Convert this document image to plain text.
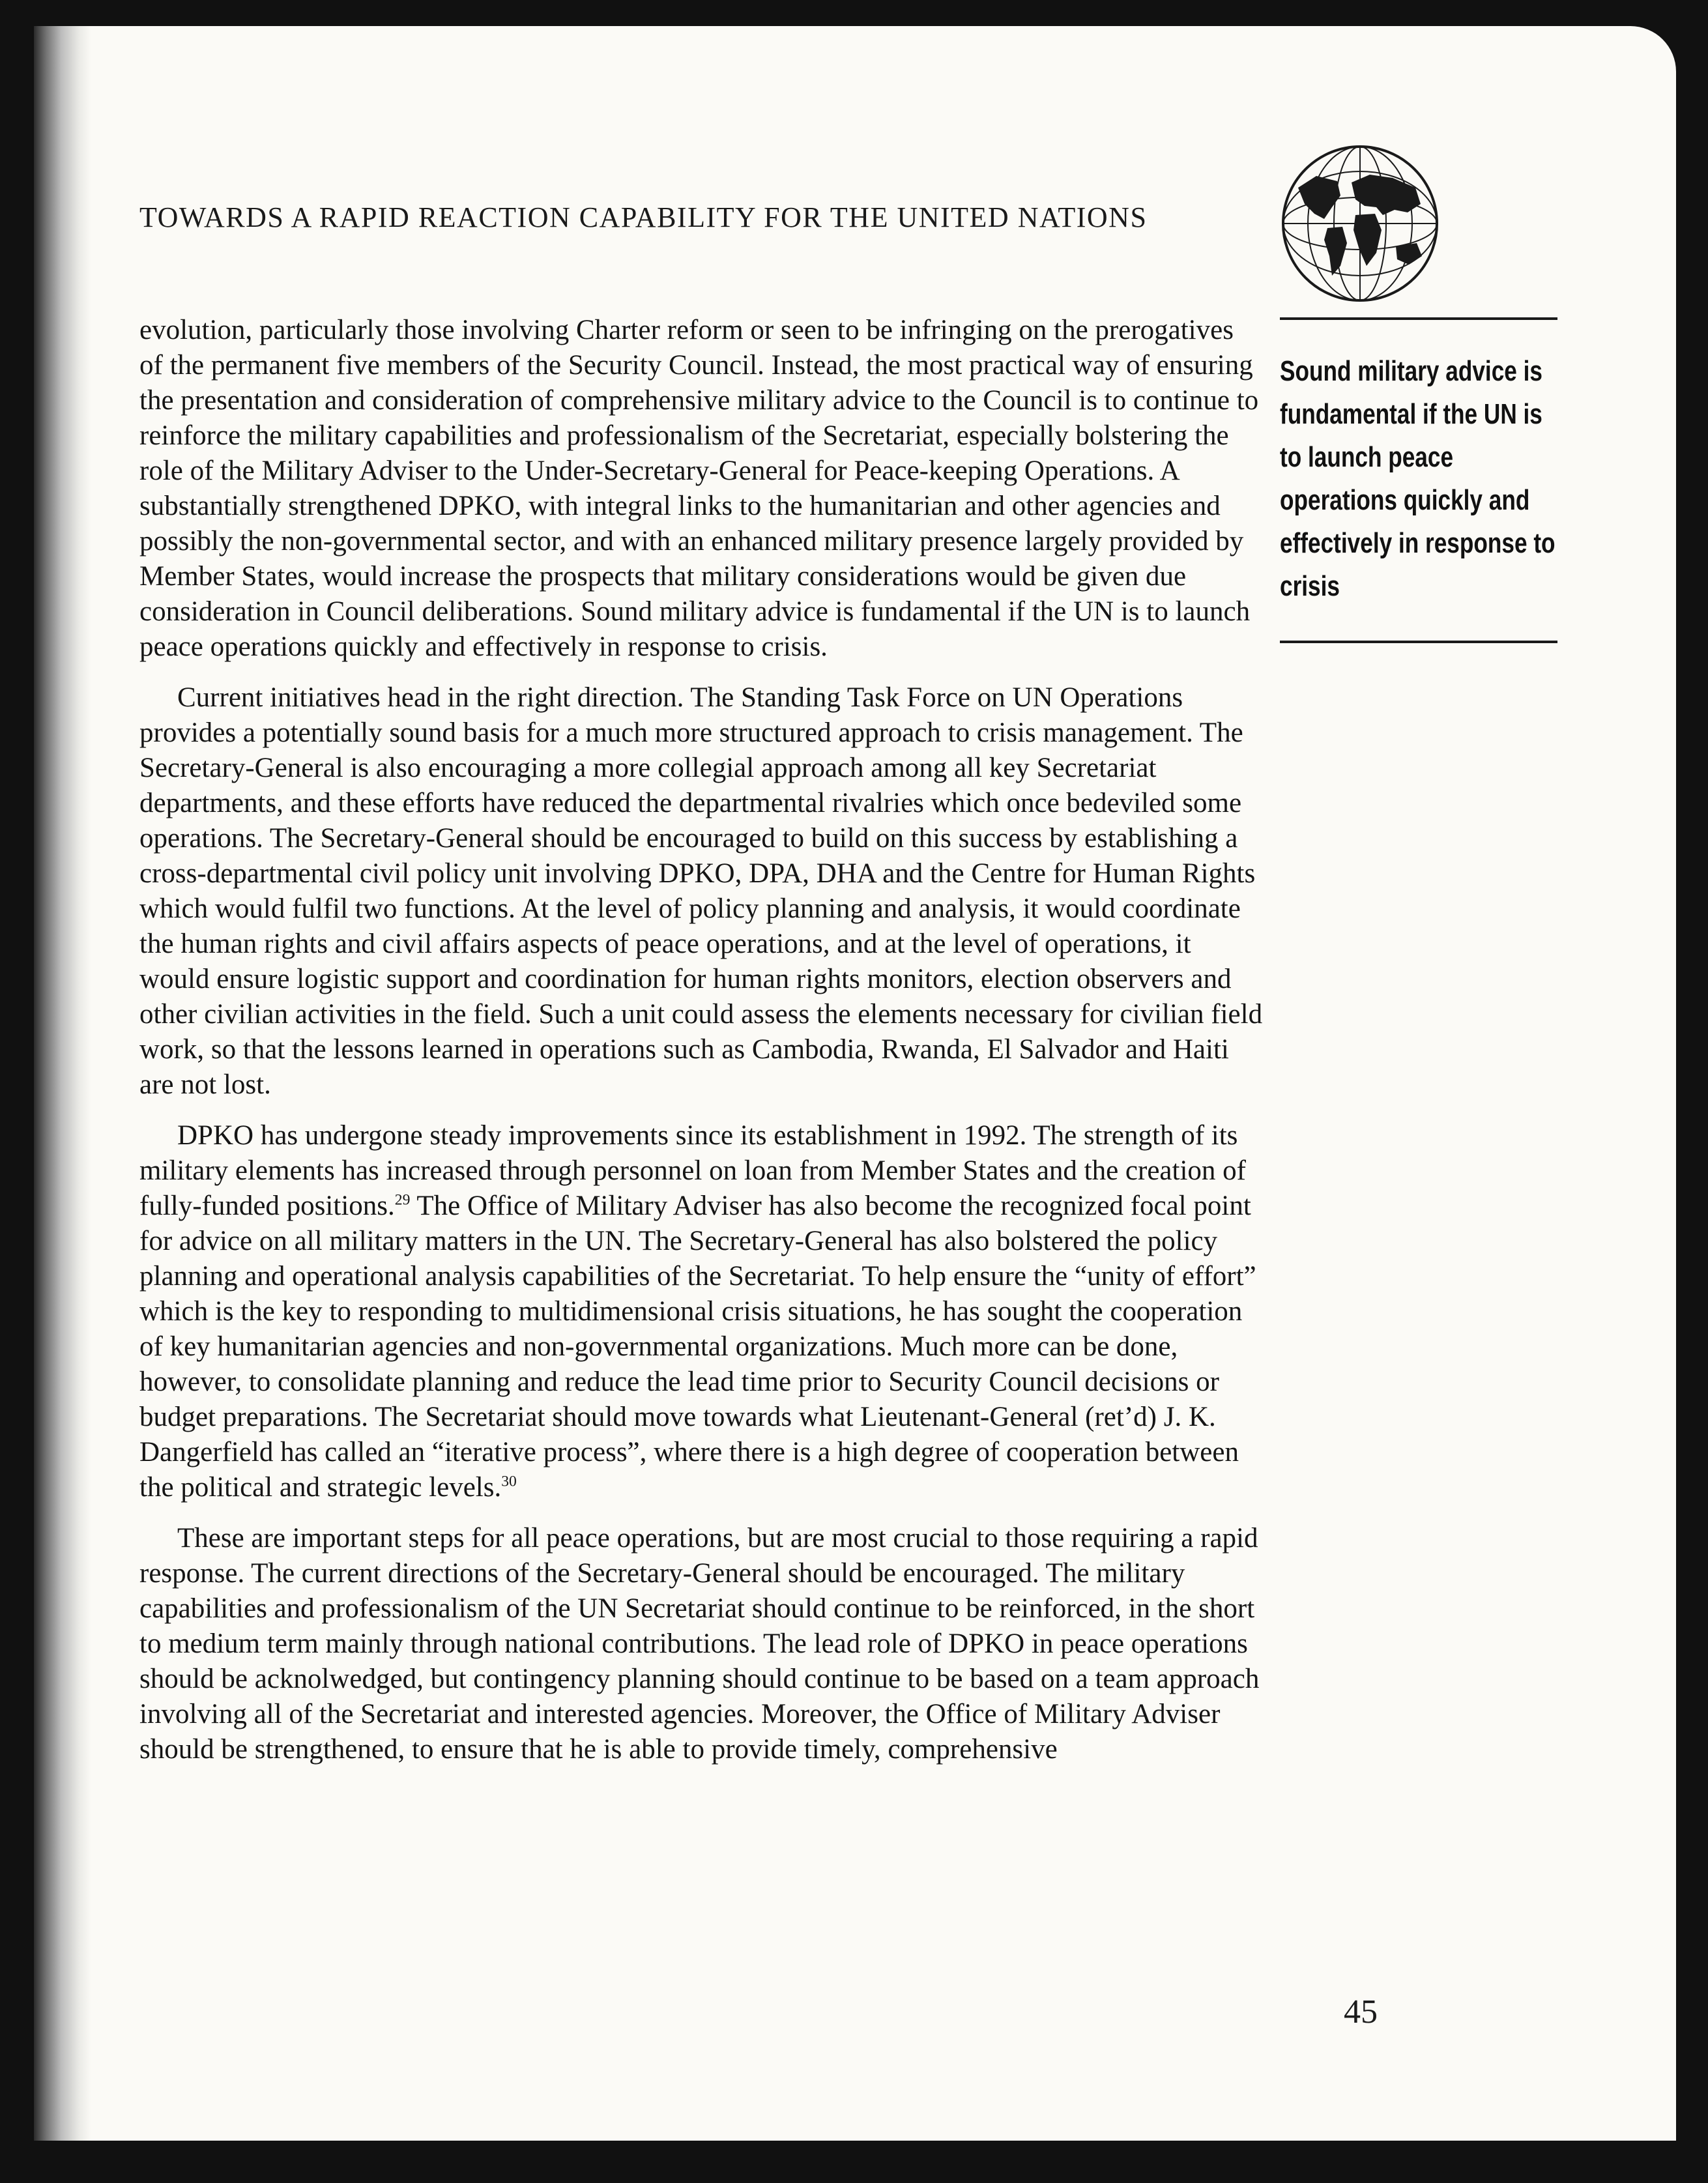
TOWARDS A RAPID REACTION CAPABILITY FOR THE UNITED NATIONS
Sound military advice is fundamental if the UN is to launch peace operations quickly and effectively in response to crisis

evolution, particularly those involving Charter reform or seen to be infringing on the prerogatives of the permanent five members of the Security Council. Instead, the most practical way of ensuring the presentation and consideration of comprehensive military advice to the Council is to continue to reinforce the military capabilities and professionalism of the Secretariat, especially bolstering the role of the Military Adviser to the Under-Secretary-General for Peace-keeping Operations. A substantially strengthened DPKO, with integral links to the humanitarian and other agencies and possibly the non-governmental sector, and with an enhanced military presence largely provided by Member States, would increase the prospects that military considerations would be given due consideration in Council deliberations. Sound military advice is fundamental if the UN is to launch peace operations quickly and effectively in response to crisis.

Current initiatives head in the right direction. The Standing Task Force on UN Operations provides a potentially sound basis for a much more structured approach to crisis management. The Secretary-General is also encouraging a more collegial approach among all key Secretariat departments, and these efforts have reduced the departmental rivalries which once bedeviled some operations. The Secretary-General should be encouraged to build on this success by establishing a cross-departmental civil policy unit involving DPKO, DPA, DHA and the Centre for Human Rights which would fulfil two functions. At the level of policy planning and analysis, it would coordinate the human rights and civil affairs aspects of peace operations, and at the level of operations, it would ensure logistic support and coordination for human rights monitors, election observers and other civilian activities in the field. Such a unit could assess the elements necessary for civilian field work, so that the lessons learned in operations such as Cambodia, Rwanda, El Salvador and Haiti are not lost.

DPKO has undergone steady improvements since its establishment in 1992. The strength of its military elements has increased through personnel on loan from Member States and the creation of fully-funded positions.$^{29}$ The Office of Military Adviser has also become the recognized focal point for advice on all military matters in the UN. The Secretary-General has also bolstered the policy planning and operational analysis capabilities of the Secretariat. To help ensure the “unity of effort” which is the key to responding to multidimensional crisis situations, he has sought the cooperation of key humanitarian agencies and non-governmental organizations. Much more can be done, however, to consolidate planning and reduce the lead time prior to Security Council decisions or budget preparations. The Secretariat should move towards what Lieutenant-General (ret’d) J. K. Dangerfield has called an “iterative process”, where there is a high degree of cooperation between the political and strategic levels.$^{30}$

These are important steps for all peace operations, but are most crucial to those requiring a rapid response. The current directions of the Secretary-General should be encouraged. The military capabilities and professionalism of the UN Secretariat should continue to be reinforced, in the short to medium term mainly through national contributions. The lead role of DPKO in peace operations should be acknolwedged, but contingency planning should continue to be based on a team approach involving all of the Secretariat and interested agencies. Moreover, the Office of Military Adviser should be strengthened, to ensure that he is able to provide timely, comprehensive

45
